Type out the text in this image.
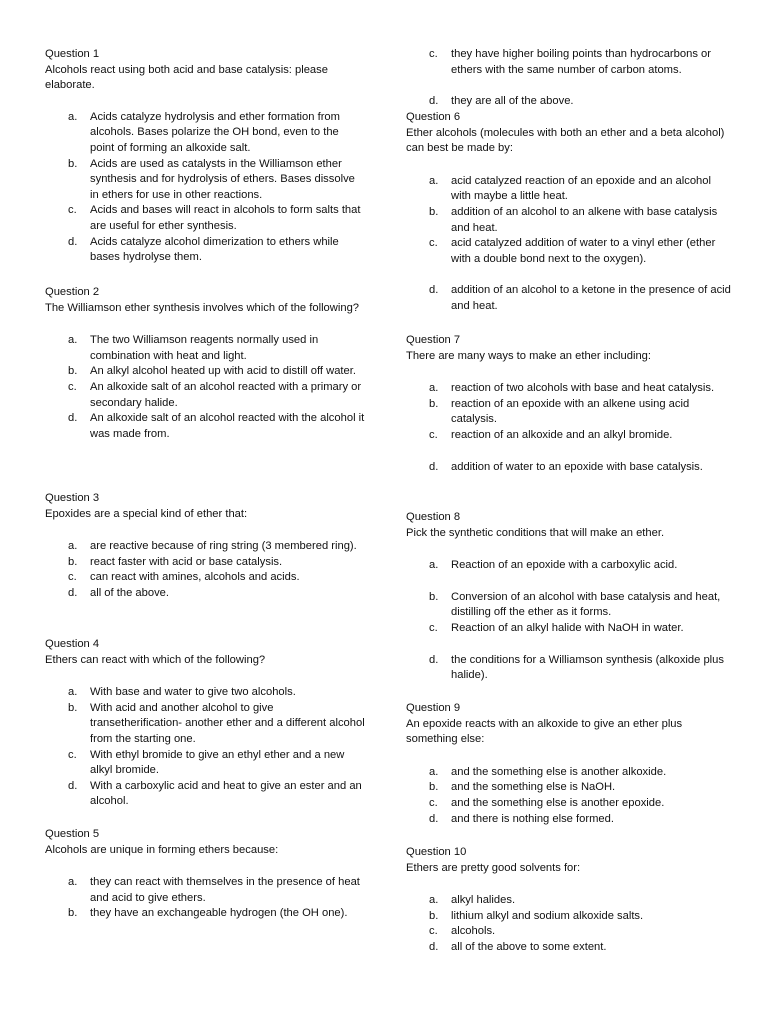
Question 1
Alcohols react using both acid and base catalysis: please elaborate.
a. Acids catalyze hydrolysis and ether formation from alcohols. Bases polarize the OH bond, even to the point of forming an alkoxide salt.
b. Acids are used as catalysts in the Williamson ether synthesis and for hydrolysis of ethers. Bases dissolve in ethers for use in other reactions.
c. Acids and bases will react in alcohols to form salts that are useful for ether synthesis.
d. Acids catalyze alcohol dimerization to ethers while bases hydrolyse them.
Question 2
The Williamson ether synthesis involves which of the following?
a. The two Williamson reagents normally used in combination with heat and light.
b. An alkyl alcohol heated up with acid to distill off water.
c. An alkoxide salt of an alcohol reacted with a primary or secondary halide.
d. An alkoxide salt of an alcohol reacted with the alcohol it was made from.
Question 3
Epoxides are a special kind of ether that:
a. are reactive because of ring string (3 membered ring).
b. react faster with acid or base catalysis.
c. can react with amines, alcohols and acids.
d. all of the above.
Question 4
Ethers can react with which of the following?
a. With base and water to give two alcohols.
b. With acid and another alcohol to give transetherification- another ether and a different alcohol from the starting one.
c. With ethyl bromide to give an ethyl ether and a new alkyl bromide.
d. With a carboxylic acid and heat to give an ester and an alcohol.
Question 5
Alcohols are unique in forming ethers because:
a. they can react with themselves in the presence of heat and acid to give ethers.
b. they have an exchangeable hydrogen (the OH one).
c. they have higher boiling points than hydrocarbons or ethers with the same number of carbon atoms.
d. they are all of the above.
Question 6
Ether alcohols (molecules with both an ether and a beta alcohol) can best be made by:
a. acid catalyzed reaction of an epoxide and an alcohol with maybe a little heat.
b. addition of an alcohol to an alkene with base catalysis and heat.
c. acid catalyzed addition of water to a vinyl ether (ether with a double bond next to the oxygen).
d. addition of an alcohol to a ketone in the presence of acid and heat.
Question 7
There are many ways to make an ether including:
a. reaction of two alcohols with base and heat catalysis.
b. reaction of an epoxide with an alkene using acid catalysis.
c. reaction of an alkoxide and an alkyl bromide.
d. addition of water to an epoxide with base catalysis.
Question 8
Pick the synthetic conditions that will make an ether.
a. Reaction of an epoxide with a carboxylic acid.
b. Conversion of an alcohol with base catalysis and heat, distilling off the ether as it forms.
c. Reaction of an alkyl halide with NaOH in water.
d. the conditions for a Williamson synthesis (alkoxide plus halide).
Question 9
An epoxide reacts with an alkoxide to give an ether plus something else:
a. and the something else is another alkoxide.
b. and the something else is NaOH.
c. and the something else is another epoxide.
d. and there is nothing else formed.
Question 10
Ethers are pretty good solvents for:
a. alkyl halides.
b. lithium alkyl and sodium alkoxide salts.
c. alcohols.
d. all of the above to some extent.
